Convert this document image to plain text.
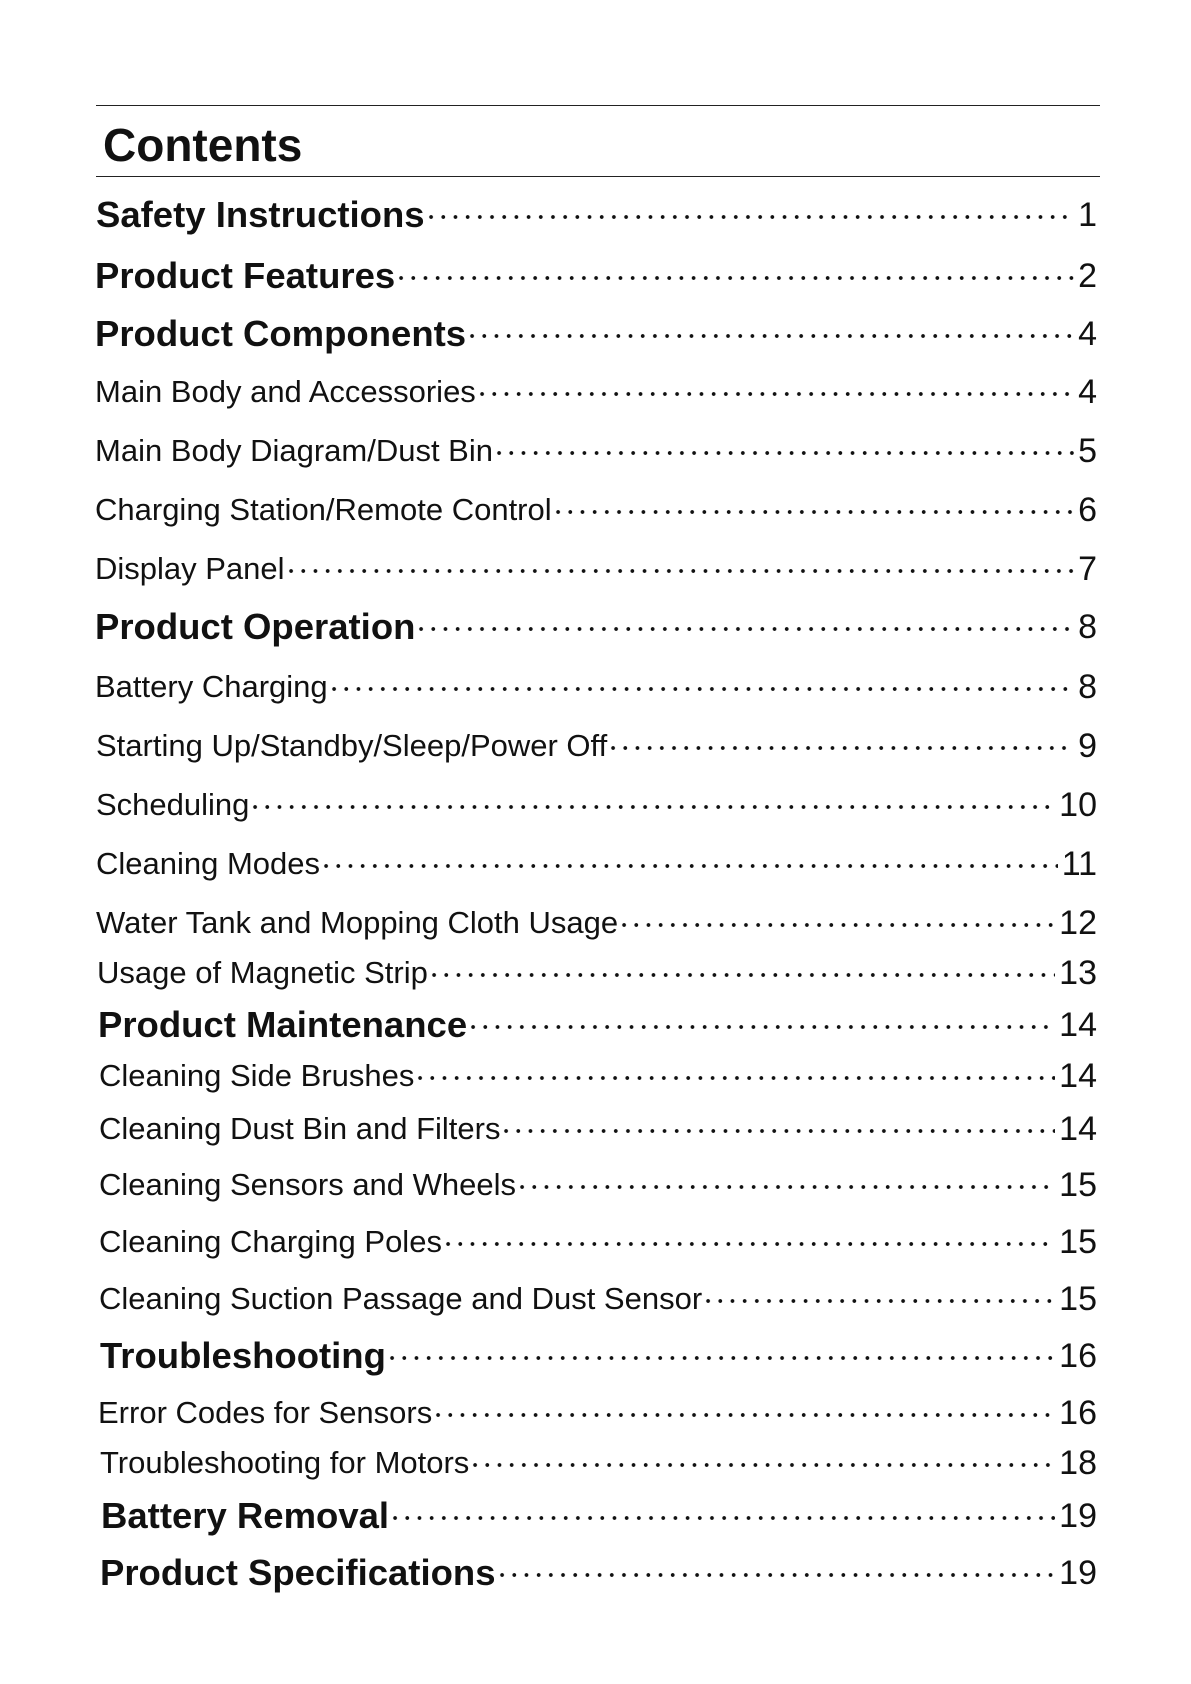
Contents
Safety Instructions	1
Product Features	2
Product Components	4
Main Body and Accessories	4
Main Body Diagram/Dust Bin	5
Charging Station/Remote Control	6
Display Panel	7
Product Operation	8
Battery Charging	8
Starting Up/Standby/Sleep/Power Off	9
Scheduling	10
Cleaning Modes	11
Water Tank and Mopping Cloth Usage	12
Usage of Magnetic Strip	13
Product Maintenance	14
Cleaning Side Brushes	14
Cleaning Dust Bin and Filters	14
Cleaning Sensors and Wheels	15
Cleaning Charging Poles	15
Cleaning Suction Passage and Dust Sensor	15
Troubleshooting	16
Error Codes for Sensors	16
Troubleshooting for Motors	18
Battery Removal	19
Product Specifications	19
